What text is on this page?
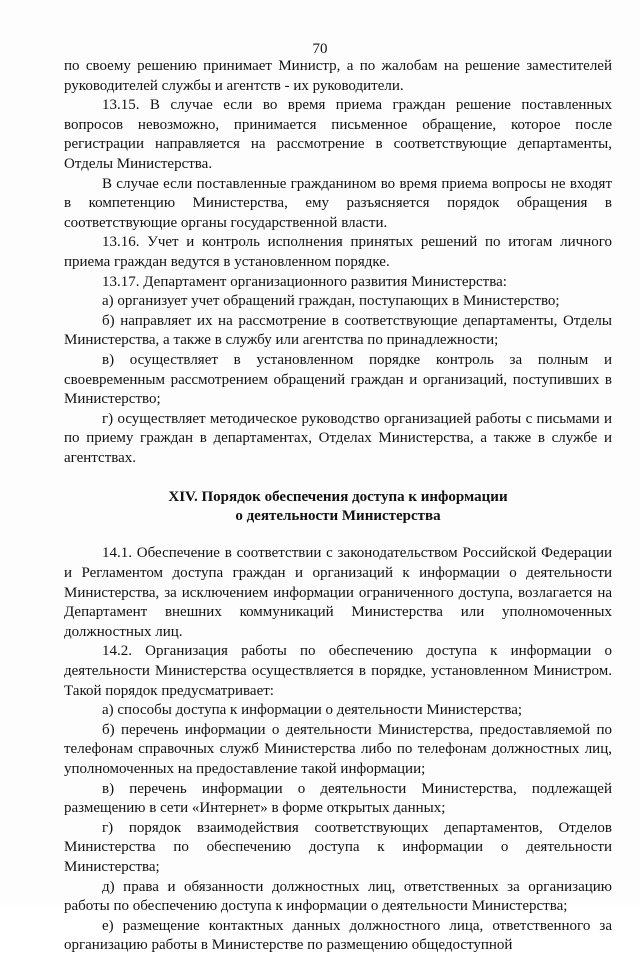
70

по своему решению принимает Министр, а по жалобам на решение заместителей руководителей службы и агентств - их руководители.

13.15. В случае если во время приема граждан решение поставленных вопросов невозможно, принимается письменное обращение, которое после регистрации направляется на рассмотрение в соответствующие департаменты, Отделы Министерства.

В случае если поставленные гражданином во время приема вопросы не входят в компетенцию Министерства, ему разъясняется порядок обращения в соответствующие органы государственной власти.

13.16. Учет и контроль исполнения принятых решений по итогам личного приема граждан ведутся в установленном порядке.

13.17. Департамент организационного развития Министерства:

а) организует учет обращений граждан, поступающих в Министерство;

б) направляет их на рассмотрение в соответствующие департаменты, Отделы Министерства, а также в службу или агентства по принадлежности;

в) осуществляет в установленном порядке контроль за полным и своевременным рассмотрением обращений граждан и организаций, поступивших в Министерство;

г) осуществляет методическое руководство организацией работы с письмами и по приему граждан в департаментах, Отделах Министерства, а также в службе и агентствах.

XIV. Порядок обеспечения доступа к информации
о деятельности Министерства

14.1. Обеспечение в соответствии с законодательством Российской Федерации и Регламентом доступа граждан и организаций к информации о деятельности Министерства, за исключением информации ограниченного доступа, возлагается на Департамент внешних коммуникаций Министерства или уполномоченных должностных лиц.

14.2. Организация работы по обеспечению доступа к информации о деятельности Министерства осуществляется в порядке, установленном Министром. Такой порядок предусматривает:

а) способы доступа к информации о деятельности Министерства;

б) перечень информации о деятельности Министерства, предоставляемой по телефонам справочных служб Министерства либо по телефонам должностных лиц, уполномоченных на предоставление такой информации;

в) перечень информации о деятельности Министерства, подлежащей размещению в сети «Интернет» в форме открытых данных;

г) порядок взаимодействия соответствующих департаментов, Отделов Министерства по обеспечению доступа к информации о деятельности Министерства;

д) права и обязанности должностных лиц, ответственных за организацию работы по обеспечению доступа к информации о деятельности Министерства;

е) размещение контактных данных должностного лица, ответственного за организацию работы в Министерстве по размещению общедоступной
